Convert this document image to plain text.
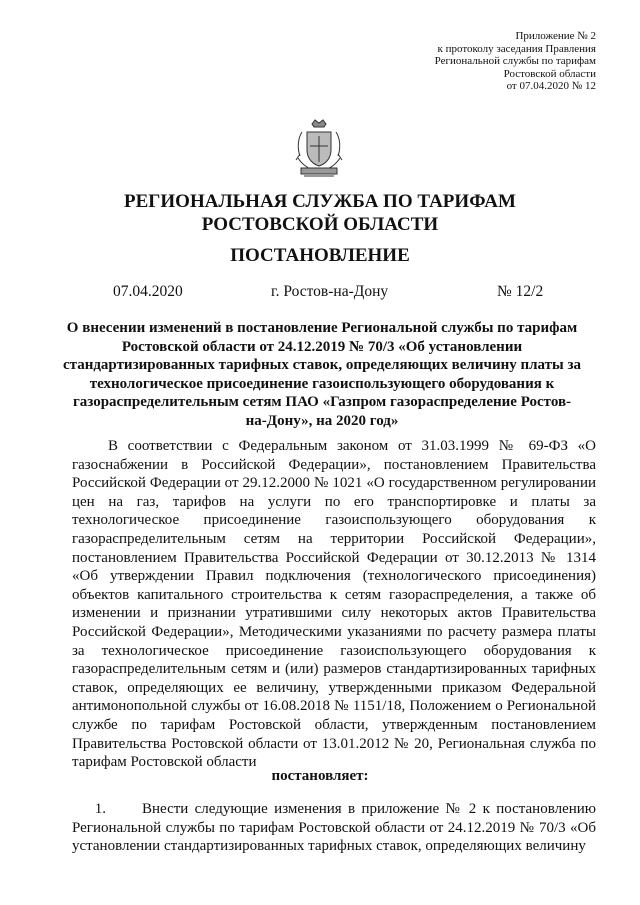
Приложение № 2
к протоколу заседания Правления
Региональной службы по тарифам
Ростовской области
от 07.04.2020 № 12
РЕГИОНАЛЬНАЯ СЛУЖБА ПО ТАРИФАМ
РОСТОВСКОЙ ОБЛАСТИ
ПОСТАНОВЛЕНИЕ
07.04.2020	г. Ростов-на-Дону	№ 12/2
О внесении изменений в постановление Региональной службы по тарифам
Ростовской области от 24.12.2019 № 70/3 «Об установлении
стандартизированных тарифных ставок, определяющих величину платы за
технологическое присоединение газоиспользующего оборудования к
газораспределительным сетям ПАО «Газпром газораспределение Ростов-
на-Дону», на 2020 год»

В соответствии с Федеральным законом от 31.03.1999 № 69-ФЗ «О газоснабжении в Российской Федерации», постановлением Правительства Российской Федерации от 29.12.2000 № 1021 «О государственном регулировании цен на газ, тарифов на услуги по его транспортировке и платы за технологическое присоединение газоиспользующего оборудования к газораспределительным сетям на территории Российской Федерации», постановлением Правительства Российской Федерации от 30.12.2013 № 1314 «Об утверждении Правил подключения (технологического присоединения) объектов капитального строительства к сетям газораспределения, а также об изменении и признании утратившими силу некоторых актов Правительства Российской Федерации», Методическими указаниями по расчету размера платы за технологическое присоединение газоиспользующего оборудования к газораспределительным сетям и (или) размеров стандартизированных тарифных ставок, определяющих ее величину, утвержденными приказом Федеральной антимонопольной службы от 16.08.2018 № 1151/18, Положением о Региональной службе по тарифам Ростовской области, утвержденным постановлением Правительства Ростовской области от 13.01.2012 № 20, Региональная служба по тарифам Ростовской области

постановляет:

1. Внести следующие изменения в приложение № 2 к постановлению Региональной службы по тарифам Ростовской области от 24.12.2019 № 70/3 «Об установлении стандартизированных тарифных ставок, определяющих величину
